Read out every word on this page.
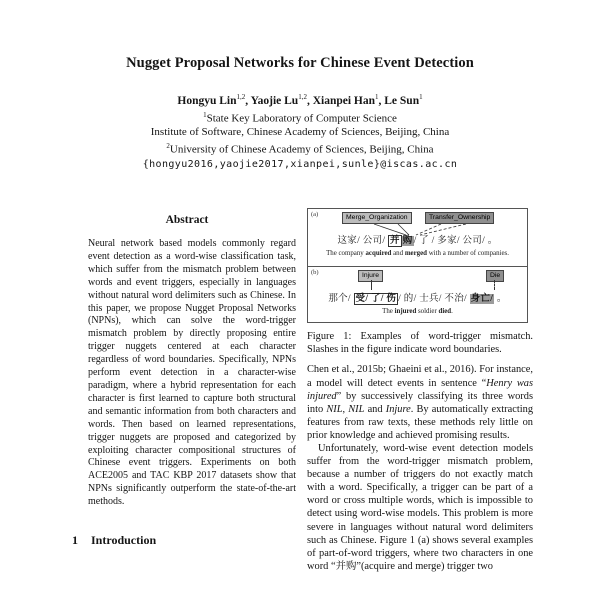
Nugget Proposal Networks for Chinese Event Detection
Hongyu Lin$^{1,2}$, Yaojie Lu$^{1,2}$, Xianpei Han$^1$, Le Sun$^1$
$^1$State Key Laboratory of Computer Science
Institute of Software, Chinese Academy of Sciences, Beijing, China
$^2$University of Chinese Academy of Sciences, Beijing, China
{hongyu2016,yaojie2017,xianpei,sunle}@iscas.ac.cn
Abstract
Neural network based models commonly regard event detection as a word-wise classification task, which suffer from the mismatch problem between words and event triggers, especially in languages without natural word delimiters such as Chinese. In this paper, we propose Nugget Proposal Networks (NPNs), which can solve the word-trigger mismatch problem by directly proposing entire trigger nuggets centered at each character regardless of word boundaries. Specifically, NPNs perform event detection in a character-wise paradigm, where a hybrid representation for each character is first learned to capture both structural and semantic information from both characters and words. Then based on learned representations, trigger nuggets are proposed and categorized by exploiting character compositional structures of Chinese event triggers. Experiments on both ACE2005 and TAC KBP 2017 datasets show that NPNs significantly outperform the state-of-the-art methods.
1 Introduction
(a)	Merge_Organization	Transfer_Ownership
这家/ 公司/ 并 购/ 了 / 多家/ 公司/ 。
The company acquired and merged with a number of companies.
(b)	Injure	Die
那个/ 受/ 了/ 伤 / 的/ 士兵/ 不治/ 身亡/ 。
The injured soldier died.
Figure 1: Examples of word-trigger mismatch. Slashes in the figure indicate word boundaries.

Chen et al., 2015b; Ghaeini et al., 2016). For instance, a model will detect events in sentence “Henry was injured” by successively classifying its three words into NIL, NIL and Injure. By automatically extracting features from raw texts, these methods rely little on prior knowledge and achieved promising results.

Unfortunately, word-wise event detection models suffer from the word-trigger mismatch problem, because a number of triggers do not exactly match with a word. Specifically, a trigger can be part of a word or cross multiple words, which is impossible to detect using word-wise models. This problem is more severe in languages without natural word delimiters such as Chinese. Figure 1 (a) shows several examples of part-of-word triggers, where two characters in one word “并购”(acquire and merge) trigger two
